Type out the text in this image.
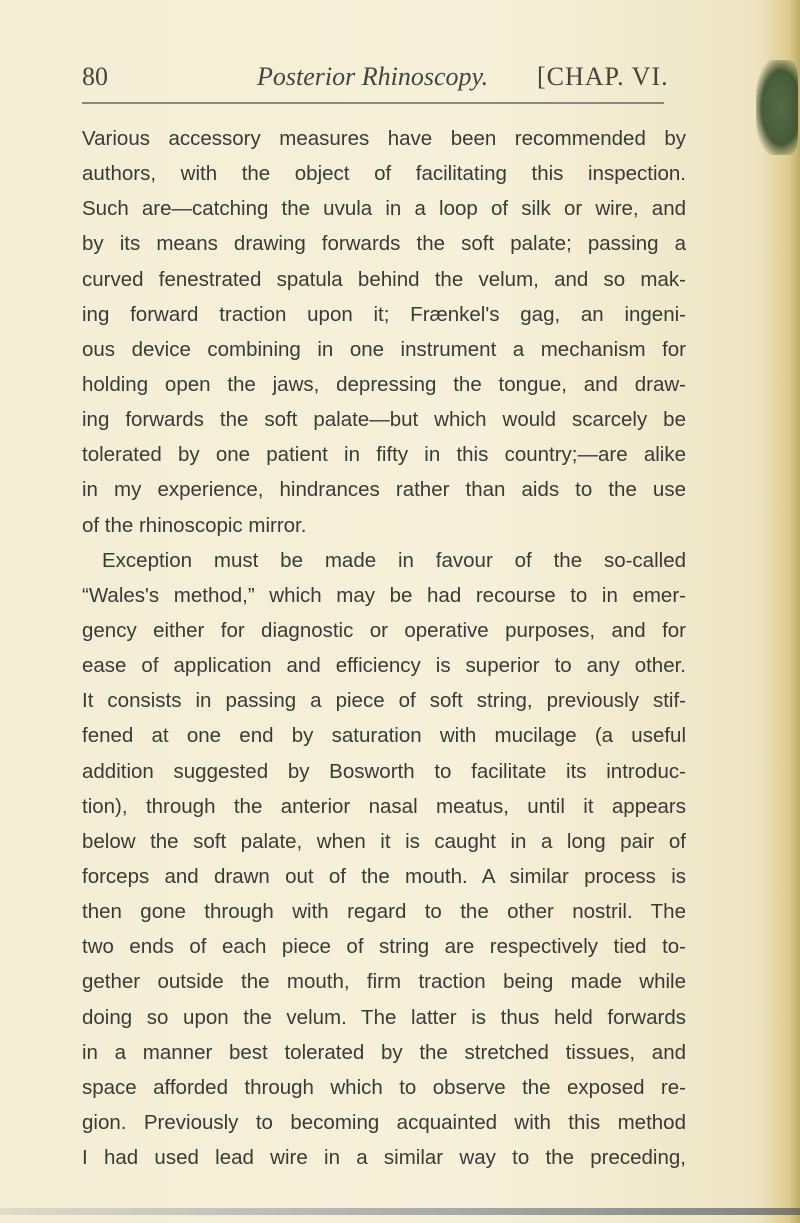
80	Posterior Rhinoscopy. [CHAP. VI.
Various accessory measures have been recommended by
authors, with the object of facilitating this inspection.
Such are—catching the uvula in a loop of silk or wire, and
by its means drawing forwards the soft palate; passing a
curved fenestrated spatula behind the velum, and so mak-
ing forward traction upon it; Frænkel's gag, an ingeni-
ous device combining in one instrument a mechanism for
holding open the jaws, depressing the tongue, and draw-
ing forwards the soft palate—but which would scarcely be
tolerated by one patient in fifty in this country;—are alike
in my experience, hindrances rather than aids to the use
of the rhinoscopic mirror.
Exception must be made in favour of the so-called
“Wales's method,” which may be had recourse to in emer-
gency either for diagnostic or operative purposes, and for
ease of application and efficiency is superior to any other.
It consists in passing a piece of soft string, previously stif-
fened at one end by saturation with mucilage (a useful
addition suggested by Bosworth to facilitate its introduc-
tion), through the anterior nasal meatus, until it appears
below the soft palate, when it is caught in a long pair of
forceps and drawn out of the mouth. A similar process is
then gone through with regard to the other nostril. The
two ends of each piece of string are respectively tied to-
gether outside the mouth, firm traction being made while
doing so upon the velum. The latter is thus held forwards
in a manner best tolerated by the stretched tissues, and
space afforded through which to observe the exposed re-
gion. Previously to becoming acquainted with this method
I had used lead wire in a similar way to the preceding,
